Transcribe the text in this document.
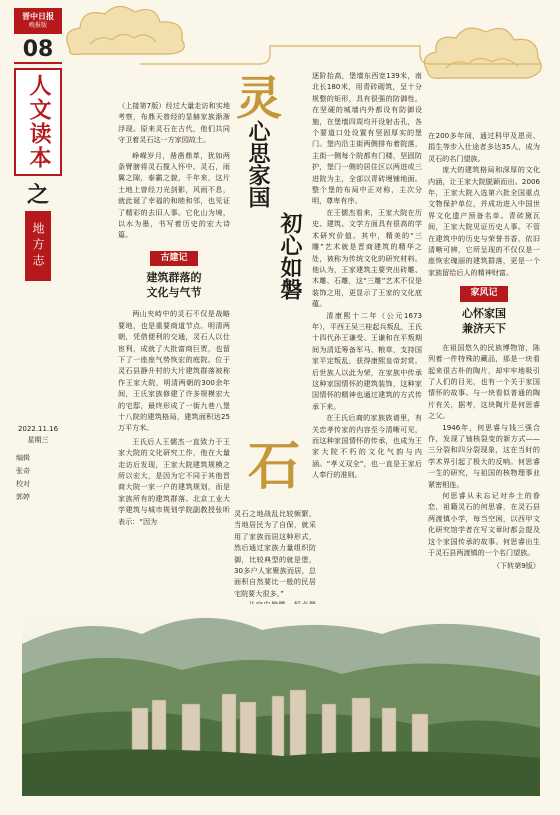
晋中日报
晚报版
08
人文读本
之
地方志
2022.11.16
星期三
编辑
张奇
校对
郭婷

（上接第7版）经过大量走访和实地考察，布鼎天曾经的显赫家族渐渐浮现。原来灵石在古代，他们共同守卫着灵石这一方家园故土。

峥嵘岁月，凿凿鼎革，犹如两条臂膀将灵石揽入怀中。灵石，雨翼之隙，泰霸之貌，千年来，这片土地上曾经刀光剑影，风雨不息，就此诞了幸福的和睦和邻，也见证了精彩的去旧人事。它化山为境，以水为墨，书写着历史的宏大诗篇。

古建记
建筑群落的
文化与气节

两山夹峙中的灵石不仅是战略要地，也是重要商道节点。明清两朝，凭借便利的交通，灵石人以仕宦利，成就了大批富商巨贾，也留下了一座座气势恢宏的庭院。位于灵石县静升村的大片建筑群落被称作王家大院，明清两朝的300余年间，王氏家族修建了许多规模宏大的宅邸，最终形成了一街九巷八堡十八院的建筑格局，建筑面积达25万平方米。

王氏后人王儒杰一直致力于王家大院的文化研究工作，他在大量走访后发现，王家大院建筑规模之所以宏大，是因为它不同于其他晋商大院一家一户的建筑规划，而是家族所有的建筑群落。北京工业大学建筑与城市规划学院副教授张昕表示：“因为

灵
心思家国
初心如磐
石

灵石之地战乱比较频繁，当地居民为了自保，就采用了家族而居这种形式，然后通过家族力量组织防御，比较典型的就是堡，30多户人家聚族而居，总面积自然要比一般的民居宅院要大很多。”

逐阶抬高，堡墙东西宽139米，南北长180米，用青砖砌筑，呈十分规整的矩形，具有很强的防御性。在坚硬的城墙内外都设有防御设施，在堡墙四周均开设射击孔，各个要道口处设置有坚固厚实的堡门。堡内沿主街两侧排布着院落，主街一侧每个院都有门楼，坚固防护，堡门一侧的居住区以两进或三进院为主，全部以青砖墁铺地面。整个堡的布局中正对称，主次分明，尊卑有序。

在王儒杰看来，王家大院在历史、建筑、文学方面具有很高的学术研究价值。其中，精美的“三雕”艺术就是晋商建筑的精华之处，被称为传统文化的研究材料。他认为，王家建筑主要突出砖雕、木雕、石雕，这“三雕”艺术不仅是装饰之用，更显示了王家的文化底蕴。

清康熙十二年（公元1673年），平西王吴三桂起兵叛乱，王氏十四代孙王谦受、王谦和在平叛期间为清廷筹备军马、粮草，支持国家平定叛乱，获得康熙皇帝封赏。后世族人以此为荣，在家族中传承这种家国情怀的建筑装饰，这种家国情怀的精神也通过建筑的方式传承下来。

在王氏后裔的家族族谱里，有关忠孝传家的内容至今清晰可见，而这种家国情怀的传承，也成为王家大院不朽的文化气韵与内涵。“孝义双全”，也一直是王家后人奉行的准则。

在200多年间，通过科甲及恩贡、捐生等步入仕途者多达35人，成为灵石的名门望族。

庞大的建筑格局和深厚的文化内涵，让王家大院脱颖而出。2006年，王家大院入选第六批全国重点文物保护单位，并成功进入中国世界文化遗产预备名单。青砖黛瓦间，王家大院见证历史人事。不管在建筑中的历史与荣誉书香，依旧清晰可辨，它所呈现的不仅仅是一座恢宏瑰丽的建筑群落，更是一个家族留给后人的精神财富。

家风记
心怀家国
兼济天下

在祖国悠久的民族博物馆，陈列着一件特殊的藏品，那是一块看起来很古朴的陶片，却牢牢地吸引了人们的目光，也有一个关于家国情怀的故事。与一块看似普通的陶片有关，据考，这块陶片是何思睿之父。

1946年，何思睿与钱三强合作，发现了铀核裂变的新方式——三分裂和四分裂现象，这在当时的学术界引起了极大的反响。何思睿一生的研究，与祖国的核物理事业紧密相连。

何思睿从未忘记对乡土的眷恋，祖籍灵石的何思睿，在灵石县两渡镇小学，每当空闲，以西甲文化研究馆学者在写文章时都会提及这个家国传承的故事。何思睿出生于灵石县两渡镇的一个名门望族。

（下转第9版）
